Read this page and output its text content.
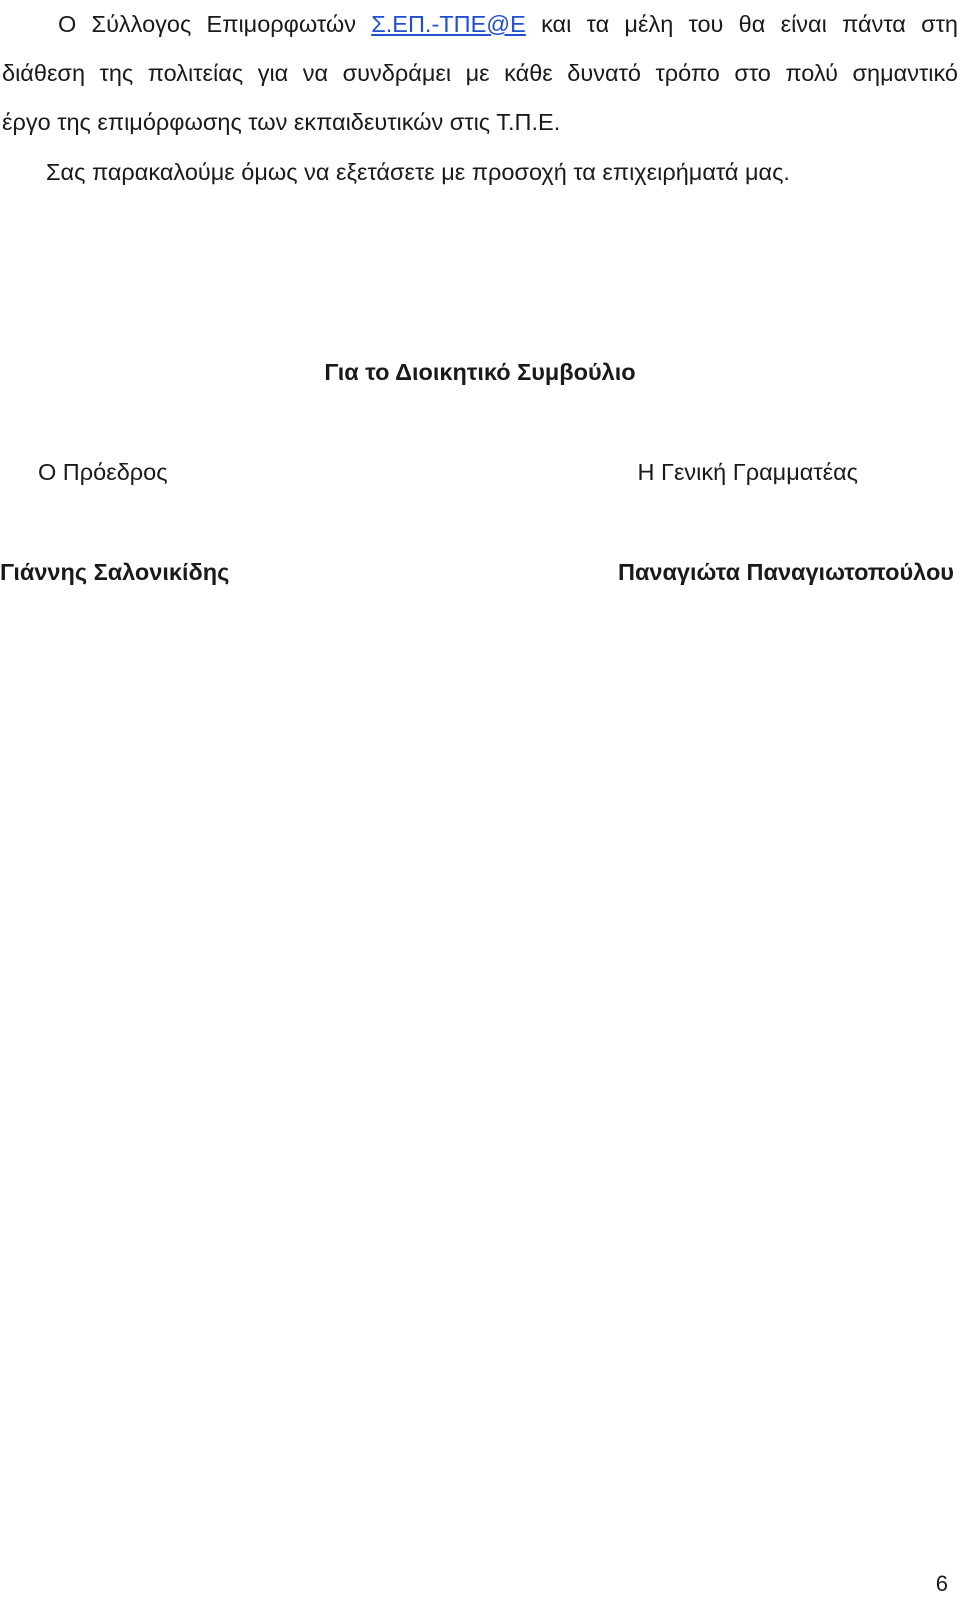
Ο Σύλλογος Επιμορφωτών Σ.ΕΠ.-ΤΠΕ@Ε και τα μέλη του θα είναι πάντα στη
διάθεση της πολιτείας για να συνδράμει με κάθε δυνατό τρόπο στο πολύ σημαντικό
έργο της επιμόρφωσης των εκπαιδευτικών στις Τ.Π.Ε.

Σας παρακαλούμε όμως να εξετάσετε με προσοχή τα επιχειρήματά μας.

Για το Διοικητικό Συμβούλιο
Ο Πρόεδρος	Η Γενική Γραμματέας
Γιάννης Σαλονικίδης	Παναγιώτα Παναγιωτοπούλου
6
